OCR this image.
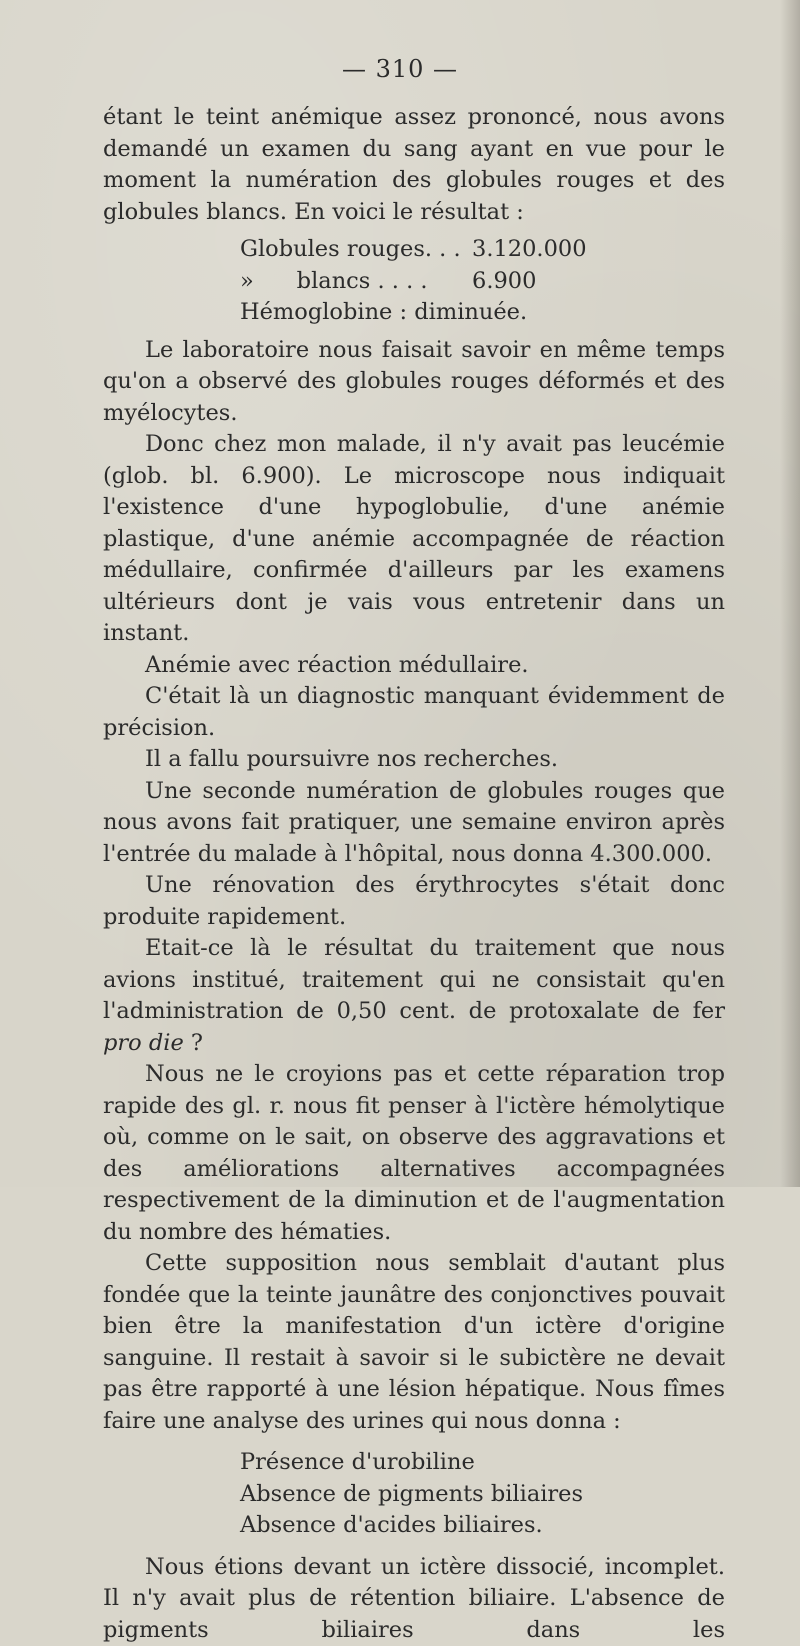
— 310 —

étant le teint anémique assez prononcé, nous avons demandé un examen du sang ayant en vue pour le moment la numération des globules rouges et des globules blancs. En voici le résultat :

Globules rouges. . . 3.120.000
»      blancs . . . . 6.900
Hémoglobine : diminuée.

Le laboratoire nous faisait savoir en même temps qu'on a observé des globules rouges déformés et des myélocytes.

Donc chez mon malade, il n'y avait pas leucémie (glob. bl. 6.900). Le microscope nous indiquait l'existence d'une hypoglobulie, d'une anémie plastique, d'une anémie accompagnée de réaction médullaire, confirmée d'ailleurs par les examens ultérieurs dont je vais vous entretenir dans un instant.

Anémie avec réaction médullaire.

C'était là un diagnostic manquant évidemment de précision.

Il a fallu poursuivre nos recherches.

Une seconde numération de globules rouges que nous avons fait pratiquer, une semaine environ après l'entrée du malade à l'hôpital, nous donna 4.300.000.

Une rénovation des érythrocytes s'était donc produite rapidement.

Etait-ce là le résultat du traitement que nous avions institué, traitement qui ne consistait qu'en l'administration de 0,50 cent. de protoxalate de fer pro die ?

Nous ne le croyions pas et cette réparation trop rapide des gl. r. nous fit penser à l'ictère hémolytique où, comme on le sait, on observe des aggravations et des améliorations alternatives accompagnées respectivement de la diminution et de l'augmentation du nombre des hématies.

Cette supposition nous semblait d'autant plus fondée que la teinte jaunâtre des conjonctives pouvait bien être la manifestation d'un ictère d'origine sanguine. Il restait à savoir si le subictère ne devait pas être rapporté à une lésion hépatique. Nous fîmes faire une analyse des urines qui nous donna :

Présence d'urobiline
Absence de pigments biliaires
Absence d'acides biliaires.

Nous étions devant un ictère dissocié, incomplet. Il n'y avait plus de rétention biliaire. L'absence de pigments biliaires dans les
